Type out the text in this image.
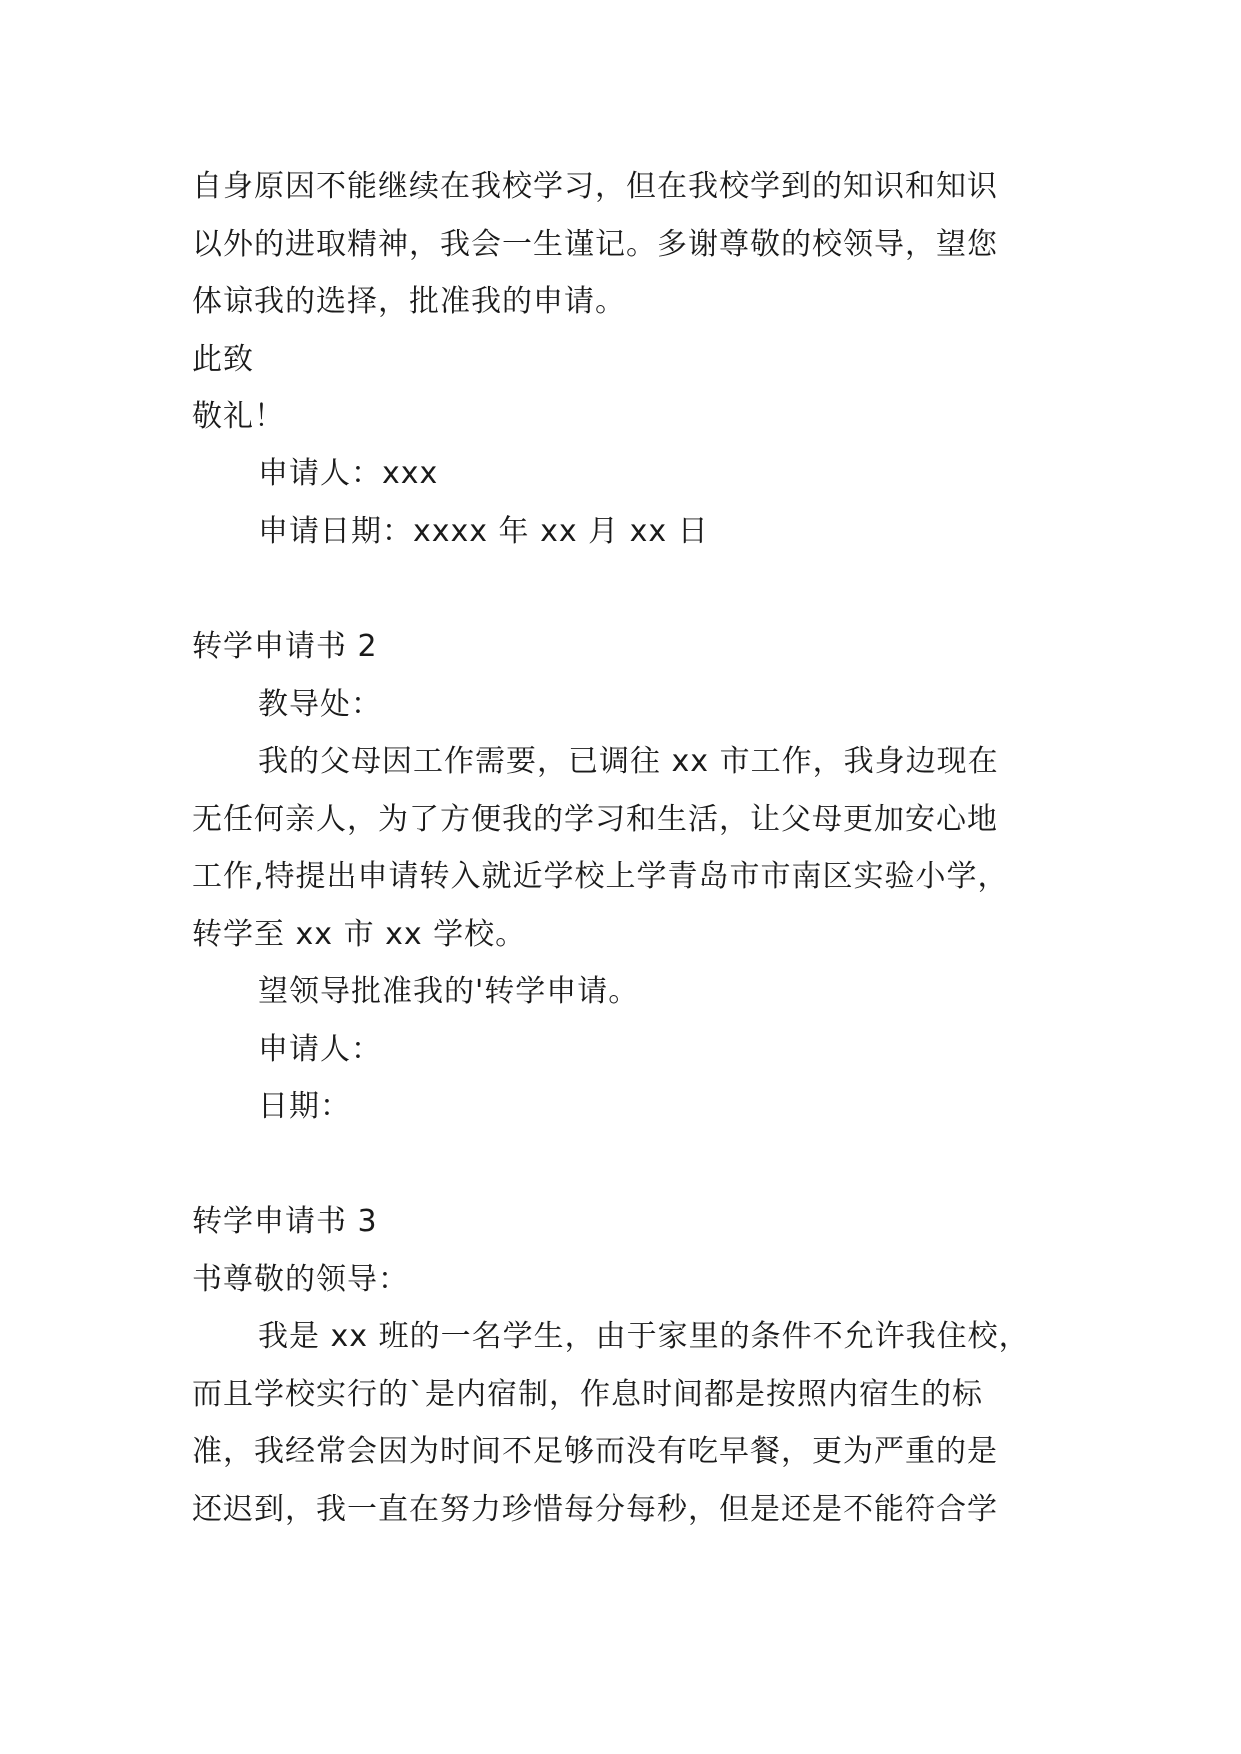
自身原因不能继续在我校学习，但在我校学到的知识和知识
以外的进取精神，我会一生谨记。多谢尊敬的校领导，望您
体谅我的选择，批准我的申请。
此致
敬礼！
申请人：xxx
申请日期：xxxx 年 xx 月 xx 日
转学申请书 2
教导处：
我的父母因工作需要，已调往 xx 市工作，我身边现在
无任何亲人，为了方便我的学习和生活，让父母更加安心地
工作,特提出申请转入就近学校上学青岛市市南区实验小学，
转学至 xx 市 xx 学校。
望领导批准我的'转学申请。
申请人：
日期：
转学申请书 3
书尊敬的领导：
我是 xx 班的一名学生，由于家里的条件不允许我住校，
而且学校实行的`是内宿制，作息时间都是按照内宿生的标
准，我经常会因为时间不足够而没有吃早餐，更为严重的是
还迟到，我一直在努力珍惜每分每秒，但是还是不能符合学
